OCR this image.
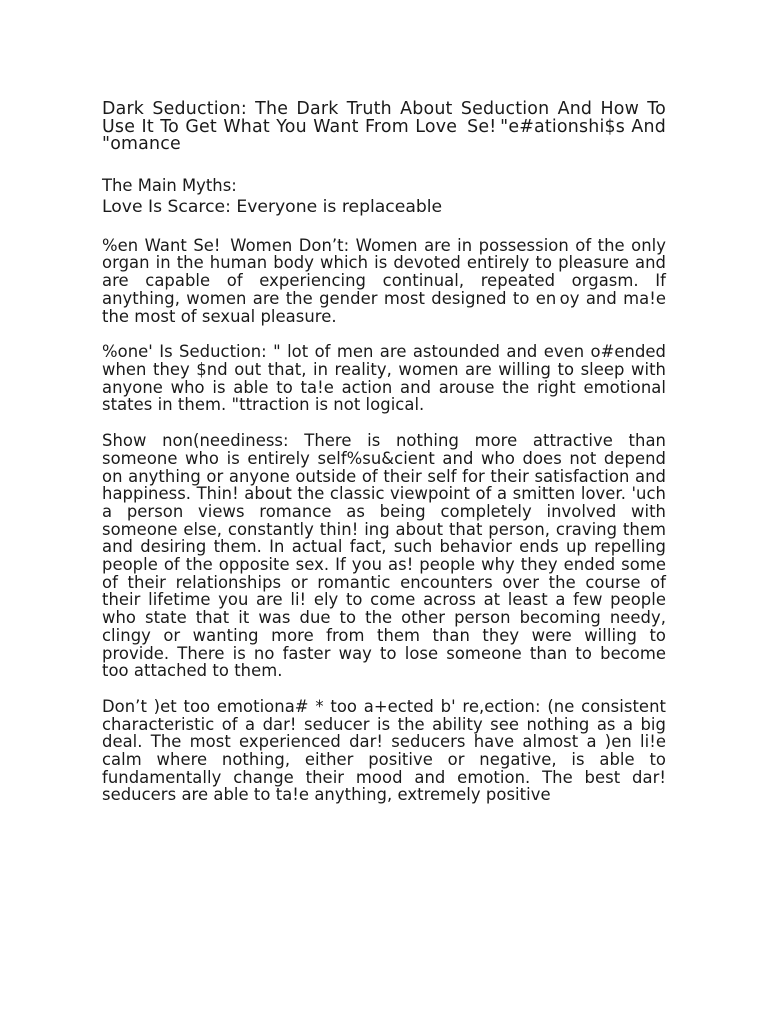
Dark Seduction: The Dark Truth About Seduction And How To Use It To Get What You Want From Love  Se! "e#ationshi$s And "omance

The Main Myths:

Love Is Scarce: Everyone is replaceable

%en Want Se!  Women Don’t: Women are in possession of the only organ in the human body which is devoted entirely to pleasure and are capable of experiencing continual, repeated orgasm. If anything, women are the gender most designed to en oy and ma!e the most of sexual pleasure.

%one' Is Seduction: " lot of men are astounded and even o#ended when they $nd out that, in reality, women are willing to sleep with anyone who is able to ta!e action and arouse the right emotional states in them. "ttraction is not logical.

Show non(neediness: There is nothing more attractive than someone who is entirely self%su&cient and who does not depend on anything or anyone outside of their self for their satisfaction and happiness. Thin! about the classic viewpoint of a smitten lover. 'uch a person views romance as being completely involved with someone else, constantly thin! ing about that person, craving them and desiring them. In actual fact, such behavior ends up repelling people of the opposite sex. If you as! people why they ended some of their relationships or romantic encounters over the course of their lifetime you are li! ely to come across at least a few people who state that it was due to the other person becoming needy, clingy or wanting more from them than they were willing to provide. There is no faster way to lose someone than to become too attached to them.

Don’t )et too emotiona# * too a+ected b' re,ection: (ne consistent characteristic of a dar! seducer is the ability see nothing as a big deal. The most experienced dar! seducers have almost a )en li!e calm where nothing, either positive or negative, is able to fundamentally change their mood and emotion. The best dar! seducers are able to ta!e anything, extremely positive
